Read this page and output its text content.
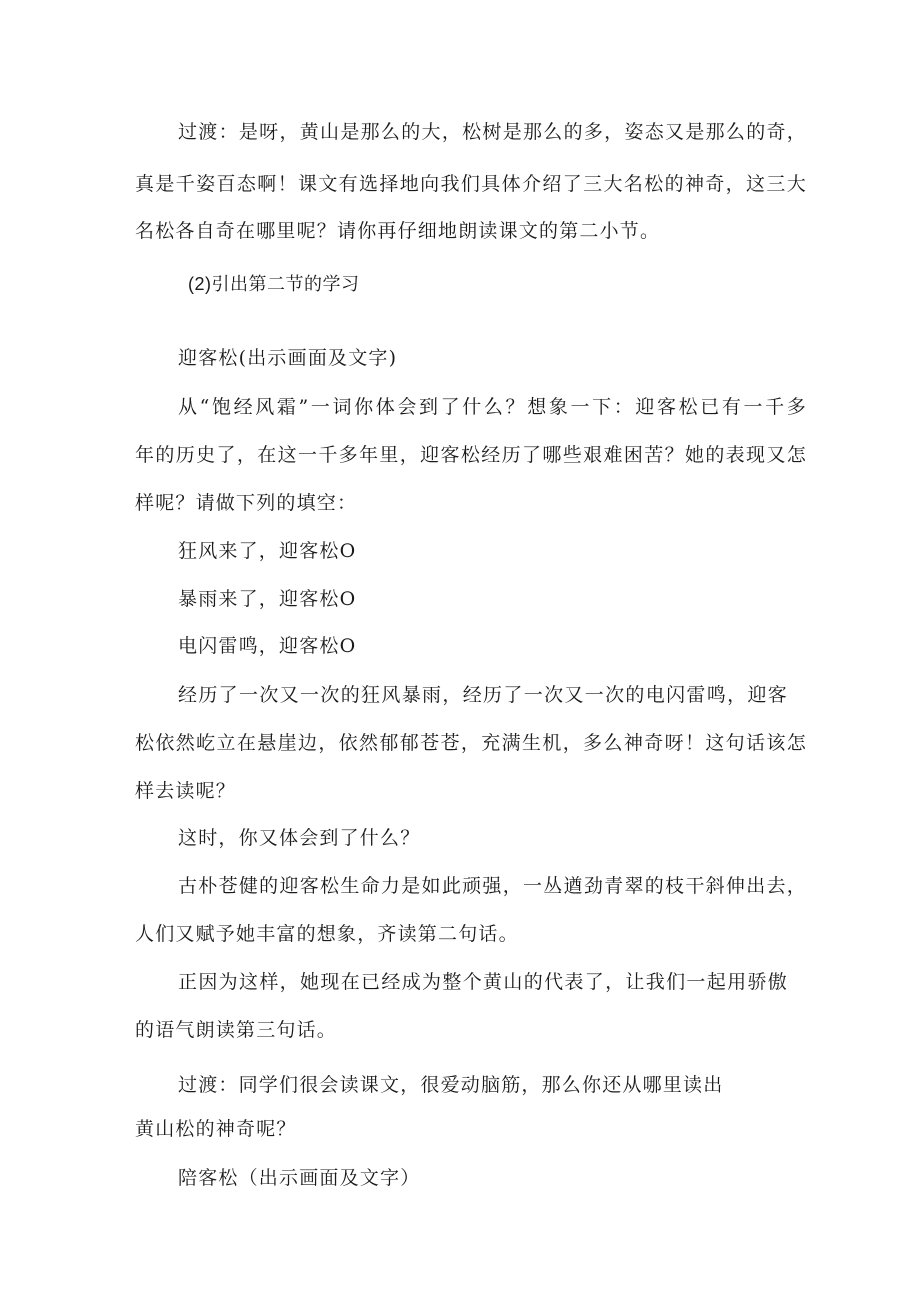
过渡：是呀，黄山是那么的大，松树是那么的多，姿态又是那么的奇，
真是千姿百态啊！课文有选择地向我们具体介绍了三大名松的神奇，这三大
名松各自奇在哪里呢？请你再仔细地朗读课文的第二小节。
(2)引出第二节的学习
迎客松(出示画面及文字)
从“饱经风霜”一词你体会到了什么？想象一下：迎客松已有一千多
年的历史了，在这一千多年里，迎客松经历了哪些艰难困苦？她的表现又怎
样呢？请做下列的填空：
狂风来了，迎客松O
暴雨来了，迎客松O
电闪雷鸣，迎客松O
经历了一次又一次的狂风暴雨，经历了一次又一次的电闪雷鸣，迎客
松依然屹立在悬崖边，依然郁郁苍苍，充满生机，多么神奇呀！这句话该怎
样去读呢？
这时，你又体会到了什么？
古朴苍健的迎客松生命力是如此顽强，一丛遒劲青翠的枝干斜伸出去，
人们又赋予她丰富的想象，齐读第二句话。
正因为这样，她现在已经成为整个黄山的代表了，让我们一起用骄傲
的语气朗读第三句话。
过渡：同学们很会读课文，很爱动脑筋，那么你还从哪里读出
黄山松的神奇呢？
陪客松（出示画面及文字）
